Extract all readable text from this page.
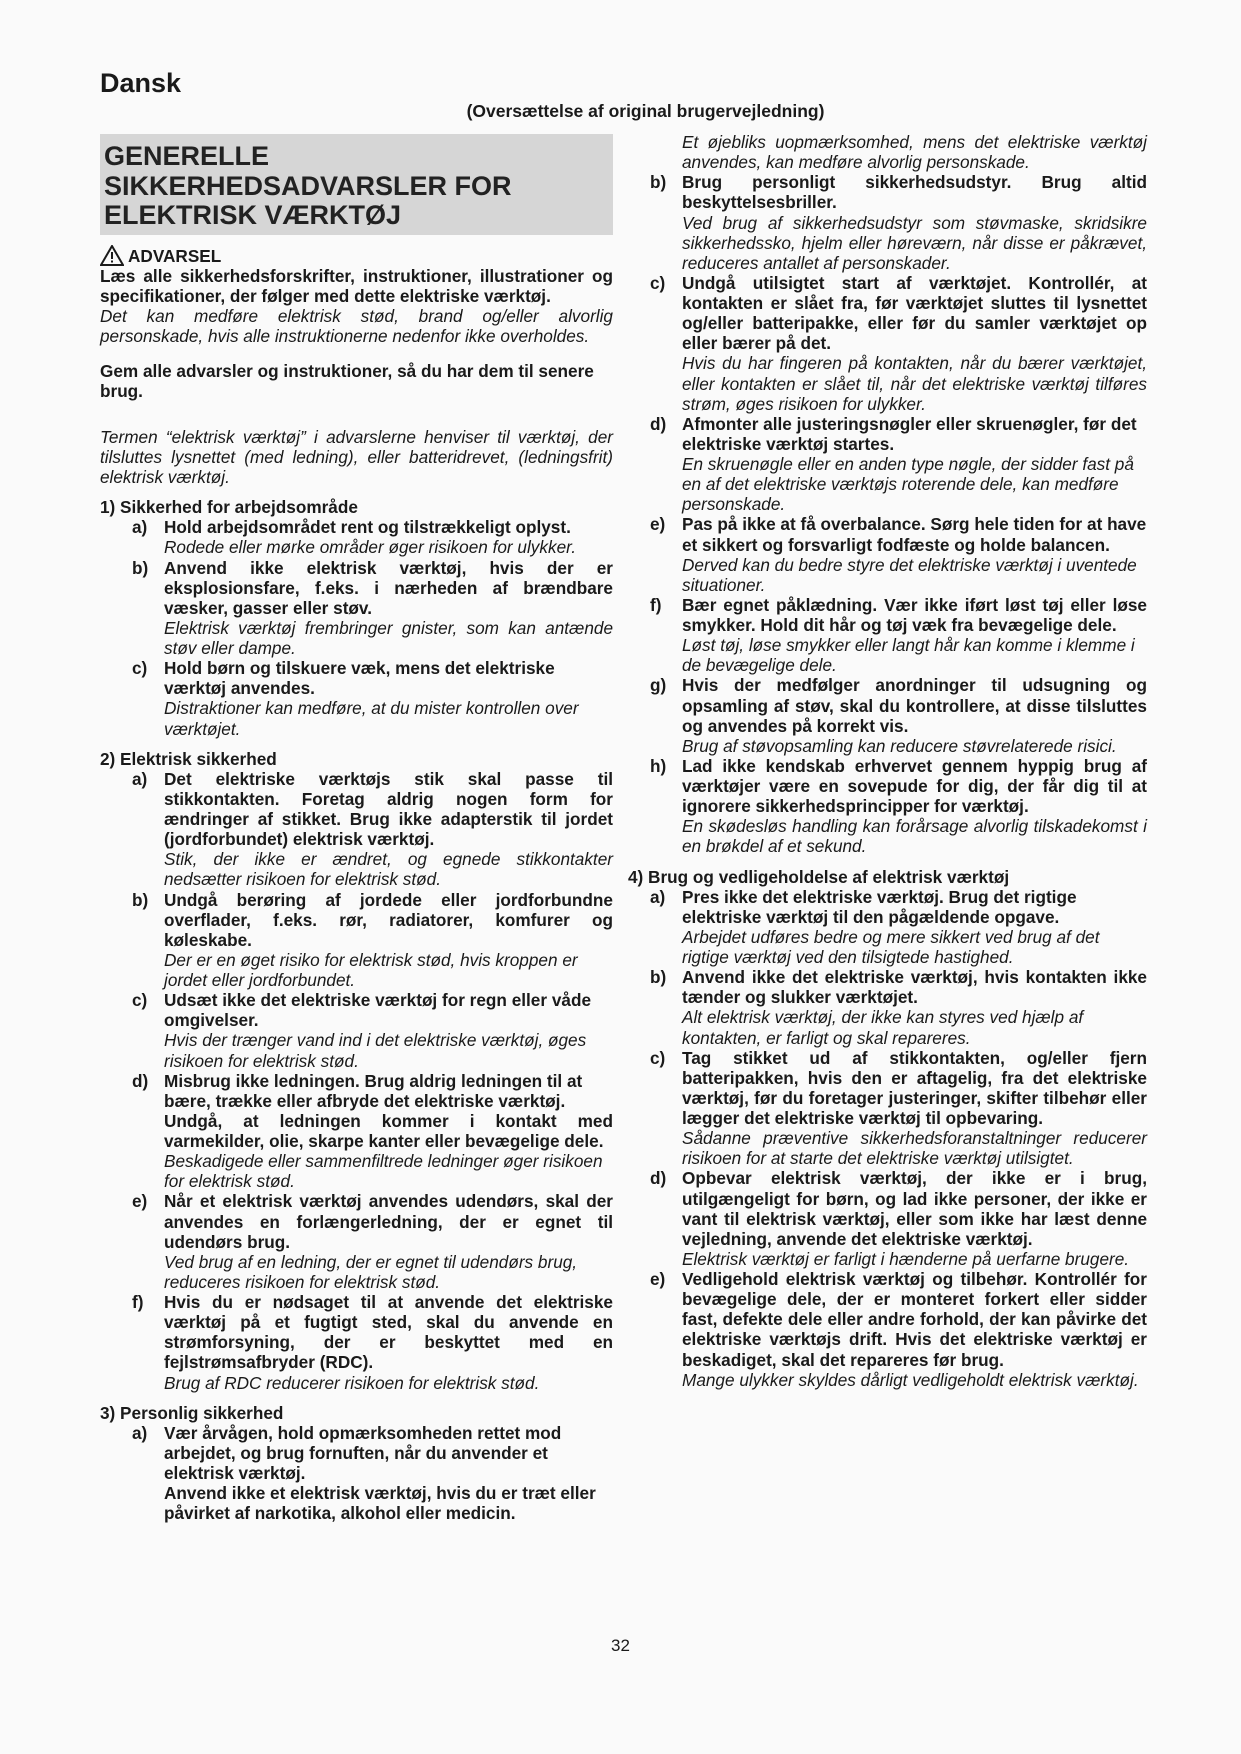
Dansk
(Oversættelse af original brugervejledning)
GENERELLE
SIKKERHEDSADVARSLER FOR
ELEKTRISK VÆRKTØJ
ADVARSEL

Læs alle sikkerhedsforskrifter, instruktioner, illustrationer og specifikationer, der følger med dette elektriske værktøj.

Det kan medføre elektrisk stød, brand og/eller alvorlig personskade, hvis alle instruktionerne nedenfor ikke overholdes.

Gem alle advarsler og instruktioner, så du har dem til senere brug.

Termen “elektrisk værktøj” i advarslerne henviser til værktøj, der tilsluttes lysnettet (med ledning), eller batteridrevet, (ledningsfrit) elektrisk værktøj.

1) Sikkerhed for arbejdsområde

a) Hold arbejdsområdet rent og tilstrækkeligt oplyst.

Rodede eller mørke områder øger risikoen for ulykker.

b) Anvend ikke elektrisk værktøj, hvis der er eksplosionsfare, f.eks. i nærheden af brændbare væsker, gasser eller støv.

Elektrisk værktøj frembringer gnister, som kan antænde støv eller dampe.

c) Hold børn og tilskuere væk, mens det elektriske værktøj anvendes.

Distraktioner kan medføre, at du mister kontrollen over værktøjet.

2) Elektrisk sikkerhed

a) Det elektriske værktøjs stik skal passe til stikkontakten. Foretag aldrig nogen form for ændringer af stikket. Brug ikke adapterstik til jordet (jordforbundet) elektrisk værktøj.

Stik, der ikke er ændret, og egnede stikkontakter nedsætter risikoen for elektrisk stød.

b) Undgå berøring af jordede eller jordforbundne overflader, f.eks. rør, radiatorer, komfurer og køleskabe.

Der er en øget risiko for elektrisk stød, hvis kroppen er jordet eller jordforbundet.

c) Udsæt ikke det elektriske værktøj for regn eller våde omgivelser.

Hvis der trænger vand ind i det elektriske værktøj, øges risikoen for elektrisk stød.

d) Misbrug ikke ledningen. Brug aldrig ledningen til at bære, trække eller afbryde det elektriske værktøj.

Undgå, at ledningen kommer i kontakt med varmekilder, olie, skarpe kanter eller bevægelige dele.

Beskadigede eller sammenfiltrede ledninger øger risikoen for elektrisk stød.

e) Når et elektrisk værktøj anvendes udendørs, skal der anvendes en forlængerledning, der er egnet til udendørs brug.

Ved brug af en ledning, der er egnet til udendørs brug, reduceres risikoen for elektrisk stød.

f)	Hvis du er nødsaget til at anvende det elektriske værktøj på et fugtigt sted, skal du anvende en strømforsyning, der er beskyttet med en fejlstrømsafbryder (RDC).

Brug af RDC reducerer risikoen for elektrisk stød.

3) Personlig sikkerhed

a) Vær årvågen, hold opmærksomheden rettet mod arbejdet, og brug fornuften, når du anvender et elektrisk værktøj.

Anvend ikke et elektrisk værktøj, hvis du er træt eller påvirket af narkotika, alkohol eller medicin.

Et øjebliks uopmærksomhed, mens det elektriske værktøj anvendes, kan medføre alvorlig personskade.

b) Brug personligt sikkerhedsudstyr. Brug altid beskyttelsesbriller.

Ved brug af sikkerhedsudstyr som støvmaske, skridsikre sikkerhedssko, hjelm eller høreværn, når disse er påkrævet, reduceres antallet af personskader.

c) Undgå utilsigtet start af værktøjet. Kontrollér, at kontakten er slået fra, før værktøjet sluttes til lysnettet og/eller batteripakke, eller før du samler værktøjet op eller bærer på det.

Hvis du har fingeren på kontakten, når du bærer værktøjet, eller kontakten er slået til, når det elektriske værktøj tilføres strøm, øges risikoen for ulykker.

d) Afmonter alle justeringsnøgler eller skruenøgler, før det elektriske værktøj startes.

En skruenøgle eller en anden type nøgle, der sidder fast på en af det elektriske værktøjs roterende dele, kan medføre personskade.

e) Pas på ikke at få overbalance. Sørg hele tiden for at have et sikkert og forsvarligt fodfæste og holde balancen.

Derved kan du bedre styre det elektriske værktøj i uventede situationer.

f)	Bær egnet påklædning. Vær ikke iført løst tøj eller løse smykker. Hold dit hår og tøj væk fra bevægelige dele.

Løst tøj, løse smykker eller langt hår kan komme i klemme i de bevægelige dele.

g) Hvis der medfølger anordninger til udsugning og opsamling af støv, skal du kontrollere, at disse tilsluttes og anvendes på korrekt vis.

Brug af støvopsamling kan reducere støvrelaterede risici.

h) Lad ikke kendskab erhvervet gennem hyppig brug af værktøjer være en sovepude for dig, der får dig til at ignorere sikkerhedsprincipper for værktøj.

En skødesløs handling kan forårsage alvorlig tilskadekomst i en brøkdel af et sekund.

4) Brug og vedligeholdelse af elektrisk værktøj

a) Pres ikke det elektriske værktøj. Brug det rigtige elektriske værktøj til den pågældende opgave.

Arbejdet udføres bedre og mere sikkert ved brug af det rigtige værktøj ved den tilsigtede hastighed.

b) Anvend ikke det elektriske værktøj, hvis kontakten ikke tænder og slukker værktøjet.

Alt elektrisk værktøj, der ikke kan styres ved hjælp af kontakten, er farligt og skal repareres.

c) Tag stikket ud af stikkontakten, og/eller fjern batteripakken, hvis den er aftagelig, fra det elektriske værktøj, før du foretager justeringer, skifter tilbehør eller lægger det elektriske værktøj til opbevaring.

Sådanne præventive sikkerhedsforanstaltninger reducerer risikoen for at starte det elektriske værktøj utilsigtet.

d) Opbevar elektrisk værktøj, der ikke er i brug, utilgængeligt for børn, og lad ikke personer, der ikke er vant til elektrisk værktøj, eller som ikke har læst denne vejledning, anvende det elektriske værktøj.

Elektrisk værktøj er farligt i hænderne på uerfarne brugere.

e) Vedligehold elektrisk værktøj og tilbehør. Kontrollér for bevægelige dele, der er monteret forkert eller sidder fast, defekte dele eller andre forhold, der kan påvirke det elektriske værktøjs drift. Hvis det elektriske værktøj er beskadiget, skal det repareres før brug.

Mange ulykker skyldes dårligt vedligeholdt elektrisk værktøj.

32
